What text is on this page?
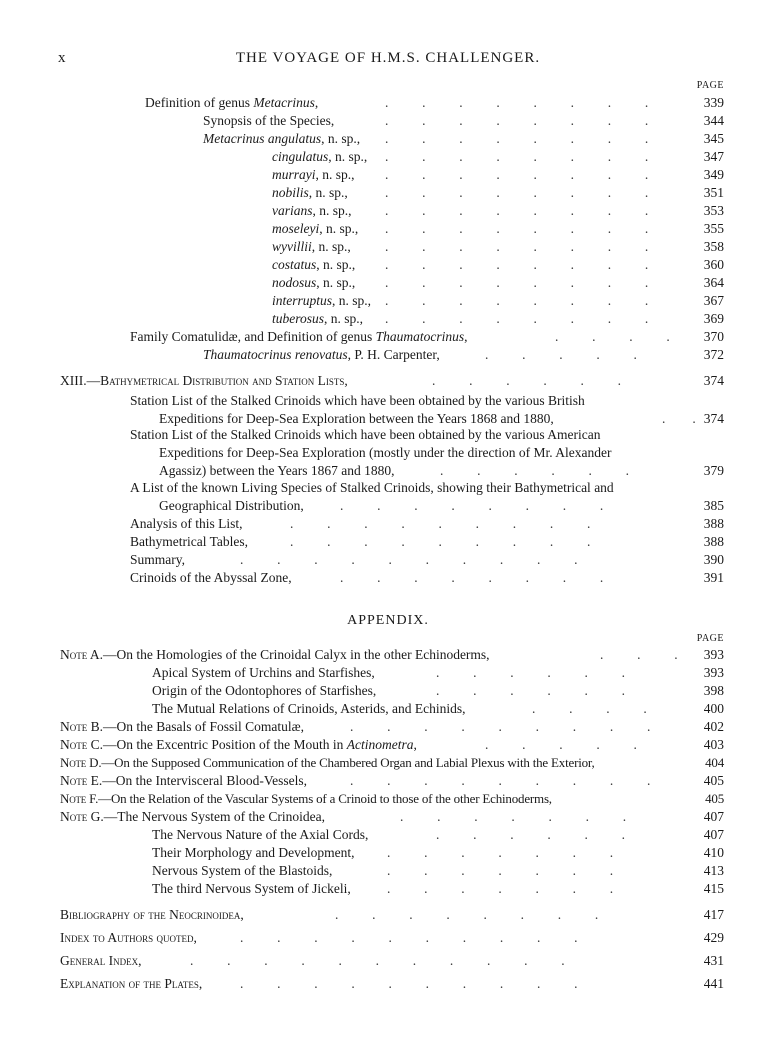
x	THE VOYAGE OF H.M.S. CHALLENGER.
PAGE
Definition of genus Metacrinus,	.   .   .   .   .   .   .   .	339
Synopsis of the Species,	.   .   .   .   .   .   .   .	344
Metacrinus angulatus, n. sp., .   .   .   .   .   .   .   .	345
cingulatus, n. sp., .   .   .   .   .   .   .   .	347
murrayi, n. sp., .   .   .   .   .   .   .   .	349
nobilis, n. sp.,	.   .   .   .   .   .   .   .	351
varians, n. sp., .   .   .   .   .   .   .   .	353
moseleyi, n. sp., .   .   .   .   .   .   .   .	355
wyvillii, n. sp.,	.   .   .   .   .   .   .   .	358
costatus, n. sp., .   .   .   .   .   .   .   .	360
nodosus, n. sp., .   .   .   .   .   .   .   .	364
interruptus, n. sp., .   .   .   .   .   .   .   .	367
tuberosus, n. sp., .   .   .   .   .   .   .   .	369
Family Comatulidæ, and Definition of genus Thaumatocrinus,	.   .   .   .	370
Thaumatocrinus renovatus, P. H. Carpenter,	.   .   .   .   .	372
XIII.—Bathymetrical Distribution and Station Lists,	.   .   .   .   .   .	374
Station List of the Stalked Crinoids which have been obtained by the various British
Expeditions for Deep-Sea Exploration between the Years 1868 and 1880,	.  . 374
Station List of the Stalked Crinoids which have been obtained by the various American
Expeditions for Deep-Sea Exploration (mostly under the direction of Mr. Alexander
Agassiz) between the Years 1867 and 1880,	.   .   .   .   .   .	379
A List of the known Living Species of Stalked Crinoids, showing their Bathymetrical and
Geographical Distribution,	.   .   .   .   .   .   .   .	385
Analysis of this List,	.   .   .   .   .   .   .   .   .	388
Bathymetrical Tables,	.   .   .   .   .   .   .   .   .	388
Summary,	.   .   .   .   .   .   .   .   .   .	390
Crinoids of the Abyssal Zone,	.   .   .   .   .   .   .   .	391
APPENDIX.
PAGE
Note A.—On the Homologies of the Crinoidal Calyx in the other Echinoderms,	.   .   .	393
Apical System of Urchins and Starfishes,	.   .   .   .   .   .	393
Origin of the Odontophores of Starfishes,	.   .   .   .   .   .	398
The Mutual Relations of Crinoids, Asterids, and Echinids,	.   .   .   .	400
Note B.—On the Basals of Fossil Comatulæ,	.   .   .   .   .   .   .   .   .	402
Note C.—On the Excentric Position of the Mouth in Actinometra,	.   .   .   .   .	403
Note D.—On the Supposed Communication of the Chambered Organ and Labial Plexus with the Exterior,	404
Note E.—On the Intervisceral Blood-Vessels,	.   .   .   .   .   .   .   .   .	405
Note F.—On the Relation of the Vascular Systems of a Crinoid to those of the other Echinoderms,	405
Note G.—The Nervous System of the Crinoidea,	.   .   .   .   .   .   .	407
The Nervous Nature of the Axial Cords,	.   .   .   .   .   .	407
Their Morphology and Development, .   .   .   .   .   .   .	410
Nervous System of the Blastoids,	.   .   .   .   .   .   .	413
The third Nervous System of Jickeli,	.   .   .   .   .   .   .	415
Bibliography of the Neocrinoidea,	.   .   .   .   .   .   .   .	417
Index to Authors quoted,	.   .   .   .   .   .   .   .   .   .	429
General Index,	.   .   .   .   .   .   .   .   .   .   .	431
Explanation of the Plates,	.   .   .   .   .   .   .   .   .   .	441
